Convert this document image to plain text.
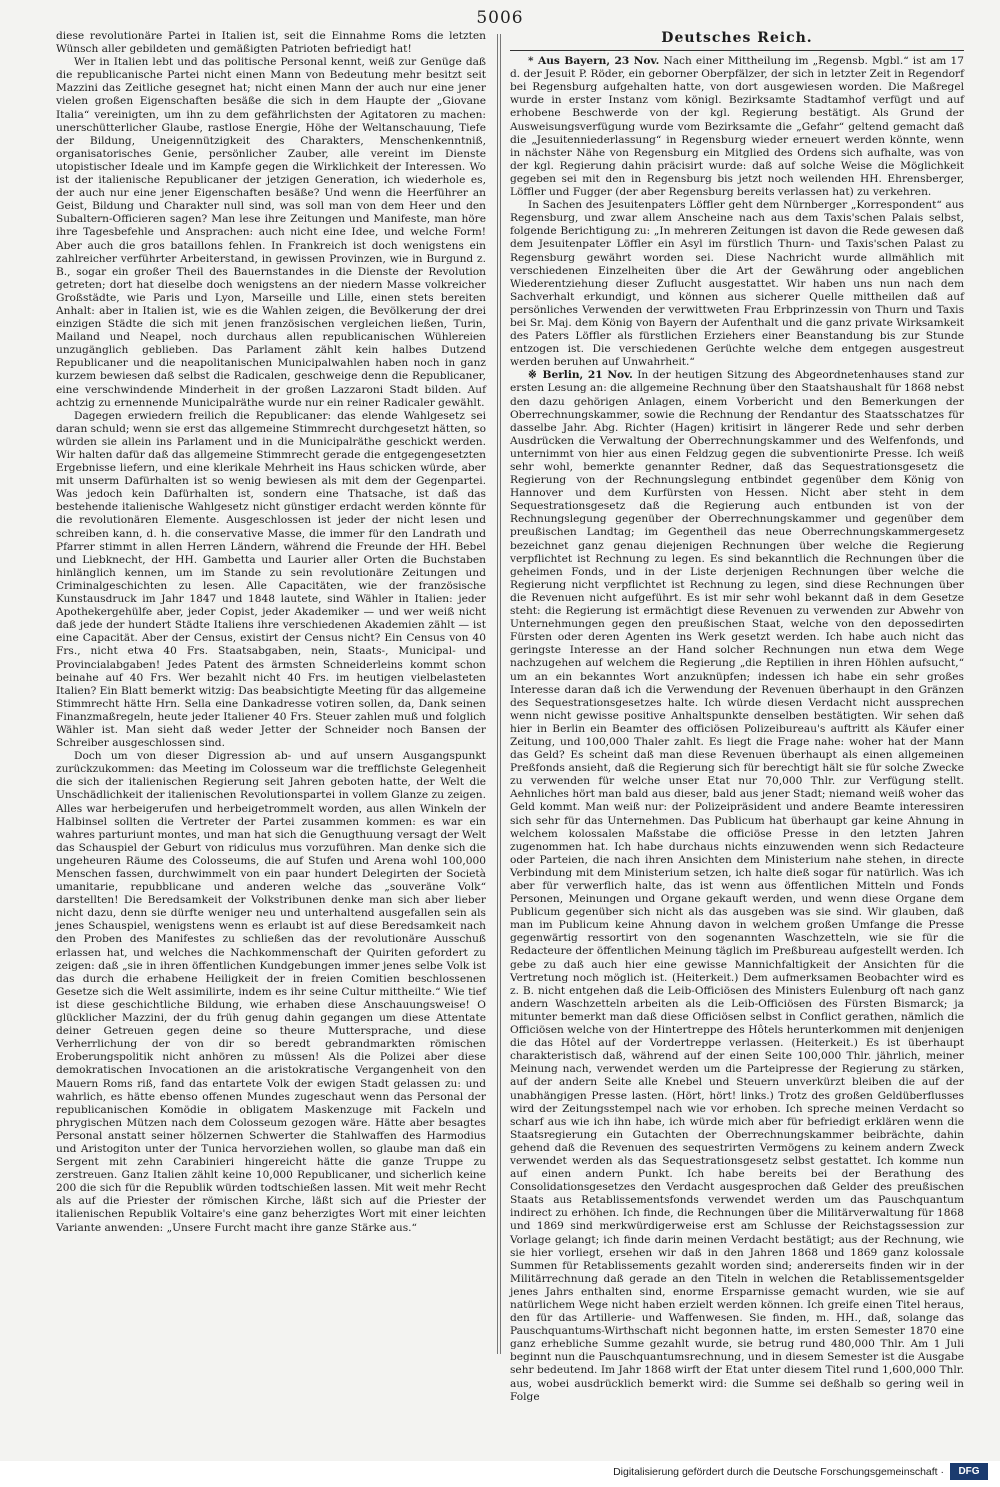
5006

diese revolutionäre Partei in Italien ist, seit die Einnahme Roms die letzten Wünsch aller gebildeten und gemäßigten Patrioten befriedigt hat!

Wer in Italien lebt und das politische Personal kennt, weiß zur Genüge daß die republicanische Partei nicht einen Mann von Bedeutung mehr besitzt seit Mazzini das Zeitliche gesegnet hat; nicht einen Mann der auch nur eine jener vielen großen Eigenschaften besäße die sich in dem Haupte der „Giovane Italia“ vereinigten, um ihn zu dem gefährlichsten der Agitatoren zu machen: unerschütterlicher Glaube, rastlose Energie, Höhe der Weltanschauung, Tiefe der Bildung, Uneigennützigkeit des Charakters, Menschenkenntniß, organisatorisches Genie, persönlicher Zauber, alle vereint im Dienste utopistischer Ideale und im Kampfe gegen die Wirklichkeit der Interessen. Wo ist der italienische Republicaner der jetzigen Generation, ich wiederhole es, der auch nur eine jener Eigenschaften besäße? Und wenn die Heerführer an Geist, Bildung und Charakter null sind, was soll man von dem Heer und den Subaltern-Officieren sagen? Man lese ihre Zeitungen und Manifeste, man höre ihre Tagesbefehle und Ansprachen: auch nicht eine Idee, und welche Form! Aber auch die gros bataillons fehlen. In Frankreich ist doch wenigstens ein zahlreicher verführter Arbeiterstand, in gewissen Provinzen, wie in Burgund z. B., sogar ein großer Theil des Bauernstandes in die Dienste der Revolution getreten; dort hat dieselbe doch wenigstens an der niedern Masse volkreicher Großstädte, wie Paris und Lyon, Marseille und Lille, einen stets bereiten Anhalt: aber in Italien ist, wie es die Wahlen zeigen, die Bevölkerung der drei einzigen Städte die sich mit jenen französischen vergleichen ließen, Turin, Mailand und Neapel, noch durchaus allen republicanischen Wühlereien unzugänglich geblieben. Das Parlament zählt kein halbes Dutzend Republicaner und die neapolitanischen Municipalwahlen haben noch in ganz kurzem bewiesen daß selbst die Radicalen, geschweige denn die Republicaner, eine verschwindende Minderheit in der großen Lazzaroni Stadt bilden. Auf achtzig zu ernennende Municipalräthe wurde nur ein reiner Radicaler gewählt.

Dagegen erwiedern freilich die Republicaner: das elende Wahlgesetz sei daran schuld; wenn sie erst das allgemeine Stimmrecht durchgesetzt hätten, so würden sie allein ins Parlament und in die Municipalräthe geschickt werden. Wir halten dafür daß das allgemeine Stimmrecht gerade die entgegengesetzten Ergebnisse liefern, und eine klerikale Mehrheit ins Haus schicken würde, aber mit unserm Dafürhalten ist so wenig bewiesen als mit dem der Gegenpartei. Was jedoch kein Dafürhalten ist, sondern eine Thatsache, ist daß das bestehende italienische Wahlgesetz nicht günstiger erdacht werden könnte für die revolutionären Elemente. Ausgeschlossen ist jeder der nicht lesen und schreiben kann, d. h. die conservative Masse, die immer für den Landrath und Pfarrer stimmt in allen Herren Ländern, während die Freunde der HH. Bebel und Liebknecht, der HH. Gambetta und Laurier aller Orten die Buchstaben hinlänglich kennen, um im Stande zu sein revolutionäre Zeitungen und Criminalgeschichten zu lesen. Alle Capacitäten, wie der französische Kunstausdruck im Jahr 1847 und 1848 lautete, sind Wähler in Italien: jeder Apothekergehülfe aber, jeder Copist, jeder Akademiker — und wer weiß nicht daß jede der hundert Städte Italiens ihre verschiedenen Akademien zählt — ist eine Capacität. Aber der Census, existirt der Census nicht? Ein Census von 40 Frs., nicht etwa 40 Frs. Staatsabgaben, nein, Staats-, Municipal- und Provincialabgaben! Jedes Patent des ärmsten Schneiderleins kommt schon beinahe auf 40 Frs. Wer bezahlt nicht 40 Frs. im heutigen vielbelasteten Italien? Ein Blatt bemerkt witzig: Das beabsichtigte Meeting für das allgemeine Stimmrecht hätte Hrn. Sella eine Dankadresse votiren sollen, da, Dank seinen Finanzmaßregeln, heute jeder Italiener 40 Frs. Steuer zahlen muß und folglich Wähler ist. Man sieht daß weder Jetter der Schneider noch Bansen der Schreiber ausgeschlossen sind.

Doch um von dieser Digression ab- und auf unsern Ausgangspunkt zurückzukommen: das Meeting im Colosseum war die trefflichste Gelegenheit die sich der italienischen Regierung seit Jahren geboten hatte, der Welt die Unschädlichkeit der italienischen Revolutionspartei in vollem Glanze zu zeigen. Alles war herbeigerufen und herbeigetrommelt worden, aus allen Winkeln der Halbinsel sollten die Vertreter der Partei zusammen kommen: es war ein wahres parturiunt montes, und man hat sich die Genugthuung versagt der Welt das Schauspiel der Geburt von ridiculus mus vorzuführen. Man denke sich die ungeheuren Räume des Colosseums, die auf Stufen und Arena wohl 100,000 Menschen fassen, durchwimmelt von ein paar hundert Delegirten der Società umanitarie, repubblicane und anderen welche das „souveräne Volk“ darstellten! Die Beredsamkeit der Volkstribunen denke man sich aber lieber nicht dazu, denn sie dürfte weniger neu und unterhaltend ausgefallen sein als jenes Schauspiel, wenigstens wenn es erlaubt ist auf diese Beredsamkeit nach den Proben des Manifestes zu schließen das der revolutionäre Ausschuß erlassen hat, und welches die Nachkommenschaft der Quiriten gefordert zu zeigen: daß „sie in ihren öffentlichen Kundgebungen immer jenes selbe Volk ist das durch die erhabene Heiligkeit der in freien Comitien beschlossenen Gesetze sich die Welt assimilirte, indem es ihr seine Cultur mittheilte.“ Wie tief ist diese geschichtliche Bildung, wie erhaben diese Anschauungsweise! O glücklicher Mazzini, der du früh genug dahin gegangen um diese Attentate deiner Getreuen gegen deine so theure Muttersprache, und diese Verherrlichung der von dir so beredt gebrandmarkten römischen Eroberungspolitik nicht anhören zu müssen! Als die Polizei aber diese demokratischen Invocationen an die aristokratische Vergangenheit von den Mauern Roms riß, fand das entartete Volk der ewigen Stadt gelassen zu: und wahrlich, es hätte ebenso offenen Mundes zugeschaut wenn das Personal der republicanischen Komödie in obligatem Maskenzuge mit Fackeln und phrygischen Mützen nach dem Colosseum gezogen wäre. Hätte aber besagtes Personal anstatt seiner hölzernen Schwerter die Stahlwaffen des Harmodius und Aristogiton unter der Tunica hervorziehen wollen, so glaube man daß ein Sergent mit zehn Carabinieri hingereicht hätte die ganze Truppe zu zerstreuen. Ganz Italien zählt keine 10,000 Republicaner, und sicherlich keine 200 die sich für die Republik würden todtschießen lassen. Mit weit mehr Recht als auf die Priester der römischen Kirche, läßt sich auf die Priester der italienischen Republik Voltaire's eine ganz beherzigtes Wort mit einer leichten Variante anwenden: „Unsere Furcht macht ihre ganze Stärke aus.“

Deutsches Reich.

* Aus Bayern, 23 Nov. Nach einer Mittheilung im „Regensb. Mgbl.“ ist am 17 d. der Jesuit P. Röder, ein geborner Oberpfälzer, der sich in letzter Zeit in Regendorf bei Regensburg aufgehalten hatte, von dort ausgewiesen worden. Die Maßregel wurde in erster Instanz vom königl. Bezirksamte Stadtamhof verfügt und auf erhobene Beschwerde von der kgl. Regierung bestätigt. Als Grund der Ausweisungsverfügung wurde vom Bezirksamte die „Gefahr“ geltend gemacht daß die „Jesuitenniederlassung“ in Regensburg wieder erneuert werden könnte, wenn in nächster Nähe von Regensburg ein Mitglied des Ordens sich aufhalte, was von der kgl. Regierung dahin präcisirt wurde: daß auf solche Weise die Möglichkeit gegeben sei mit den in Regensburg bis jetzt noch weilenden HH. Ehrensberger, Löffler und Fugger (der aber Regensburg bereits verlassen hat) zu verkehren.

In Sachen des Jesuitenpaters Löffler geht dem Nürnberger „Korrespondent“ aus Regensburg, und zwar allem Anscheine nach aus dem Taxis'schen Palais selbst, folgende Berichtigung zu: „In mehreren Zeitungen ist davon die Rede gewesen daß dem Jesuitenpater Löffler ein Asyl im fürstlich Thurn- und Taxis'schen Palast zu Regensburg gewährt worden sei. Diese Nachricht wurde allmählich mit verschiedenen Einzelheiten über die Art der Gewährung oder angeblichen Wiederentziehung dieser Zuflucht ausgestattet. Wir haben uns nun nach dem Sachverhalt erkundigt, und können aus sicherer Quelle mittheilen daß auf persönliches Verwenden der verwittweten Frau Erbprinzessin von Thurn und Taxis bei Sr. Maj. dem König von Bayern der Aufenthalt und die ganz private Wirksamkeit des Paters Löffler als fürstlichen Erziehers einer Beanstandung bis zur Stunde entzogen ist. Die verschiedenen Gerüchte welche dem entgegen ausgestreut werden beruhen auf Unwahrheit.“

※ Berlin, 21 Nov. In der heutigen Sitzung des Abgeordnetenhauses stand zur ersten Lesung an: die allgemeine Rechnung über den Staatshaushalt für 1868 nebst den dazu gehörigen Anlagen, einem Vorbericht und den Bemerkungen der Oberrechnungskammer, sowie die Rechnung der Rendantur des Staatsschatzes für dasselbe Jahr. Abg. Richter (Hagen) kritisirt in längerer Rede und sehr derben Ausdrücken die Verwaltung der Oberrechnungskammer und des Welfenfonds, und unternimmt von hier aus einen Feldzug gegen die subventionirte Presse. Ich weiß sehr wohl, bemerkte genannter Redner, daß das Sequestrationsgesetz die Regierung von der Rechnungslegung entbindet gegenüber dem König von Hannover und dem Kurfürsten von Hessen. Nicht aber steht in dem Sequestrationsgesetz daß die Regierung auch entbunden ist von der Rechnungslegung gegenüber der Oberrechnungskammer und gegenüber dem preußischen Landtag; im Gegentheil das neue Oberrechnungskammergesetz bezeichnet ganz genau diejenigen Rechnungen über welche die Regierung verpflichtet ist Rechnung zu legen. Es sind bekanntlich die Rechnungen über die geheimen Fonds, und in der Liste derjenigen Rechnungen über welche die Regierung nicht verpflichtet ist Rechnung zu legen, sind diese Rechnungen über die Revenuen nicht aufgeführt. Es ist mir sehr wohl bekannt daß in dem Gesetze steht: die Regierung ist ermächtigt diese Revenuen zu verwenden zur Abwehr von Unternehmungen gegen den preußischen Staat, welche von den depossedirten Fürsten oder deren Agenten ins Werk gesetzt werden. Ich habe auch nicht das geringste Interesse an der Hand solcher Rechnungen nun etwa dem Wege nachzugehen auf welchem die Regierung „die Reptilien in ihren Höhlen aufsucht,“ um an ein bekanntes Wort anzuknüpfen; indessen ich habe ein sehr großes Interesse daran daß ich die Verwendung der Revenuen überhaupt in den Gränzen des Sequestrationsgesetzes halte. Ich würde diesen Verdacht nicht aussprechen wenn nicht gewisse positive Anhaltspunkte denselben bestätigten. Wir sehen daß hier in Berlin ein Beamter des officiösen Polizeibureau's auftritt als Käufer einer Zeitung, und 100,000 Thaler zahlt. Es liegt die Frage nahe: woher hat der Mann das Geld? Es scheint daß man diese Revenuen überhaupt als einen allgemeinen Preßfonds ansieht, daß die Regierung sich für berechtigt hält sie für solche Zwecke zu verwenden für welche unser Etat nur 70,000 Thlr. zur Verfügung stellt. Aehnliches hört man bald aus dieser, bald aus jener Stadt; niemand weiß woher das Geld kommt. Man weiß nur: der Polizeipräsident und andere Beamte interessiren sich sehr für das Unternehmen. Das Publicum hat überhaupt gar keine Ahnung in welchem kolossalen Maßstabe die officiöse Presse in den letzten Jahren zugenommen hat. Ich habe durchaus nichts einzuwenden wenn sich Redacteure oder Parteien, die nach ihren Ansichten dem Ministerium nahe stehen, in directe Verbindung mit dem Ministerium setzen, ich halte dieß sogar für natürlich. Was ich aber für verwerflich halte, das ist wenn aus öffentlichen Mitteln und Fonds Personen, Meinungen und Organe gekauft werden, und wenn diese Organe dem Publicum gegenüber sich nicht als das ausgeben was sie sind. Wir glauben, daß man im Publicum keine Ahnung davon in welchem großen Umfange die Presse gegenwärtig ressortirt von den sogenannten Waschzetteln, wie sie für die Redacteure der öffentlichen Meinung täglich im Preßbureau aufgestellt werden. Ich gebe zu daß auch hier eine gewisse Mannichfaltigkeit der Ansichten für die Vertretung noch möglich ist. (Heiterkeit.) Dem aufmerksamen Beobachter wird es z. B. nicht entgehen daß die Leib-Officiösen des Ministers Eulenburg oft nach ganz andern Waschzetteln arbeiten als die Leib-Officiösen des Fürsten Bismarck; ja mitunter bemerkt man daß diese Officiösen selbst in Conflict gerathen, nämlich die Officiösen welche von der Hintertreppe des Hôtels herunterkommen mit denjenigen die das Hôtel auf der Vordertreppe verlassen. (Heiterkeit.) Es ist überhaupt charakteristisch daß, während auf der einen Seite 100,000 Thlr. jährlich, meiner Meinung nach, verwendet werden um die Parteipresse der Regierung zu stärken, auf der andern Seite alle Knebel und Steuern unverkürzt bleiben die auf der unabhängigen Presse lasten. (Hört, hört! links.) Trotz des großen Geldüberflusses wird der Zeitungsstempel nach wie vor erhoben. Ich spreche meinen Verdacht so scharf aus wie ich ihn habe, ich würde mich aber für befriedigt erklären wenn die Staatsregierung ein Gutachten der Oberrechnungskammer beibrächte, dahin gehend daß die Revenuen des sequestrirten Vermögens zu keinem andern Zweck verwendet werden als das Sequestrationsgesetz selbst gestattet. Ich komme nun auf einen andern Punkt. Ich habe bereits bei der Berathung des Consolidationsgesetzes den Verdacht ausgesprochen daß Gelder des preußischen Staats aus Retablissementsfonds verwendet werden um das Pauschquantum indirect zu erhöhen. Ich finde, die Rechnungen über die Militärverwaltung für 1868 und 1869 sind merkwürdigerweise erst am Schlusse der Reichstagssession zur Vorlage gelangt; ich finde darin meinen Verdacht bestätigt; aus der Rechnung, wie sie hier vorliegt, ersehen wir daß in den Jahren 1868 und 1869 ganz kolossale Summen für Retablissements gezahlt worden sind; andererseits finden wir in der Militärrechnung daß gerade an den Titeln in welchen die Retablissementsgelder jenes Jahrs enthalten sind, enorme Ersparnisse gemacht wurden, wie sie auf natürlichem Wege nicht haben erzielt werden können. Ich greife einen Titel heraus, den für das Artillerie- und Waffenwesen. Sie finden, m. HH., daß, solange das Pauschquantums-Wirthschaft nicht begonnen hatte, im ersten Semester 1870 eine ganz erhebliche Summe gezahlt wurde, sie betrug rund 480,000 Thlr. Am 1 Juli beginnt nun die Pauschquantumsrechnung, und in diesem Semester ist die Ausgabe sehr bedeutend. Im Jahr 1868 wirft der Etat unter diesem Titel rund 1,600,000 Thlr. aus, wobei ausdrücklich bemerkt wird: die Summe sei deßhalb so gering weil in Folge

Digitalisierung gefördert durch die Deutsche Forschungsgemeinschaft ·	DFG
